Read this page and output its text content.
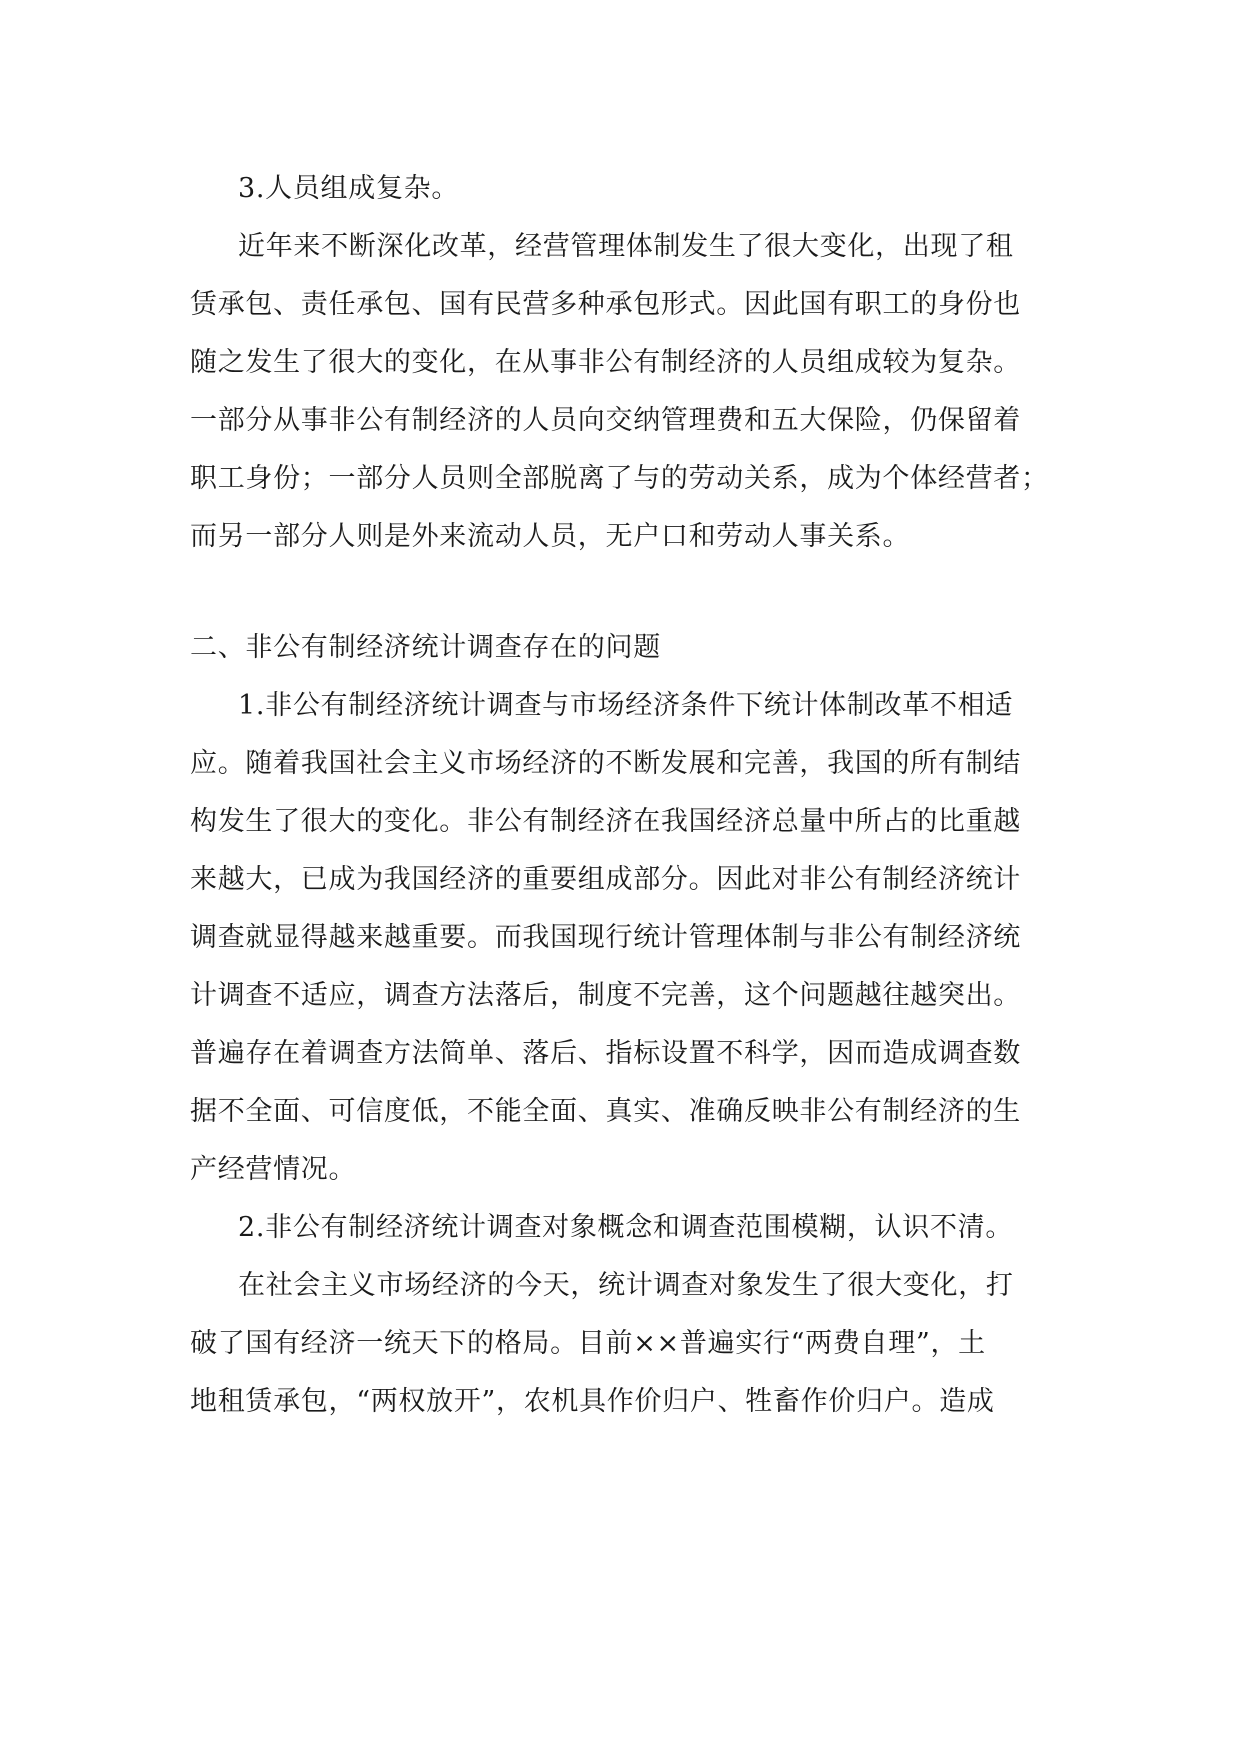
3.人员组成复杂。
近年来不断深化改革，经营管理体制发生了很大变化，出现了租
赁承包、责任承包、国有民营多种承包形式。因此国有职工的身份也
随之发生了很大的变化，在从事非公有制经济的人员组成较为复杂。
一部分从事非公有制经济的人员向交纳管理费和五大保险，仍保留着
职工身份；一部分人员则全部脱离了与的劳动关系，成为个体经营者；
而另一部分人则是外来流动人员，无户口和劳动人事关系。
二、非公有制经济统计调查存在的问题
1.非公有制经济统计调查与市场经济条件下统计体制改革不相适
应。随着我国社会主义市场经济的不断发展和完善，我国的所有制结
构发生了很大的变化。非公有制经济在我国经济总量中所占的比重越
来越大，已成为我国经济的重要组成部分。因此对非公有制经济统计
调查就显得越来越重要。而我国现行统计管理体制与非公有制经济统
计调查不适应，调查方法落后，制度不完善，这个问题越往越突出。
普遍存在着调查方法简单、落后、指标设置不科学，因而造成调查数
据不全面、可信度低，不能全面、真实、准确反映非公有制经济的生
产经营情况。
2.非公有制经济统计调查对象概念和调查范围模糊，认识不清。
在社会主义市场经济的今天，统计调查对象发生了很大变化，打
破了国有经济一统天下的格局。目前××普遍实行“两费自理”，土
地租赁承包，“两权放开”，农机具作价归户、牲畜作价归户。造成
